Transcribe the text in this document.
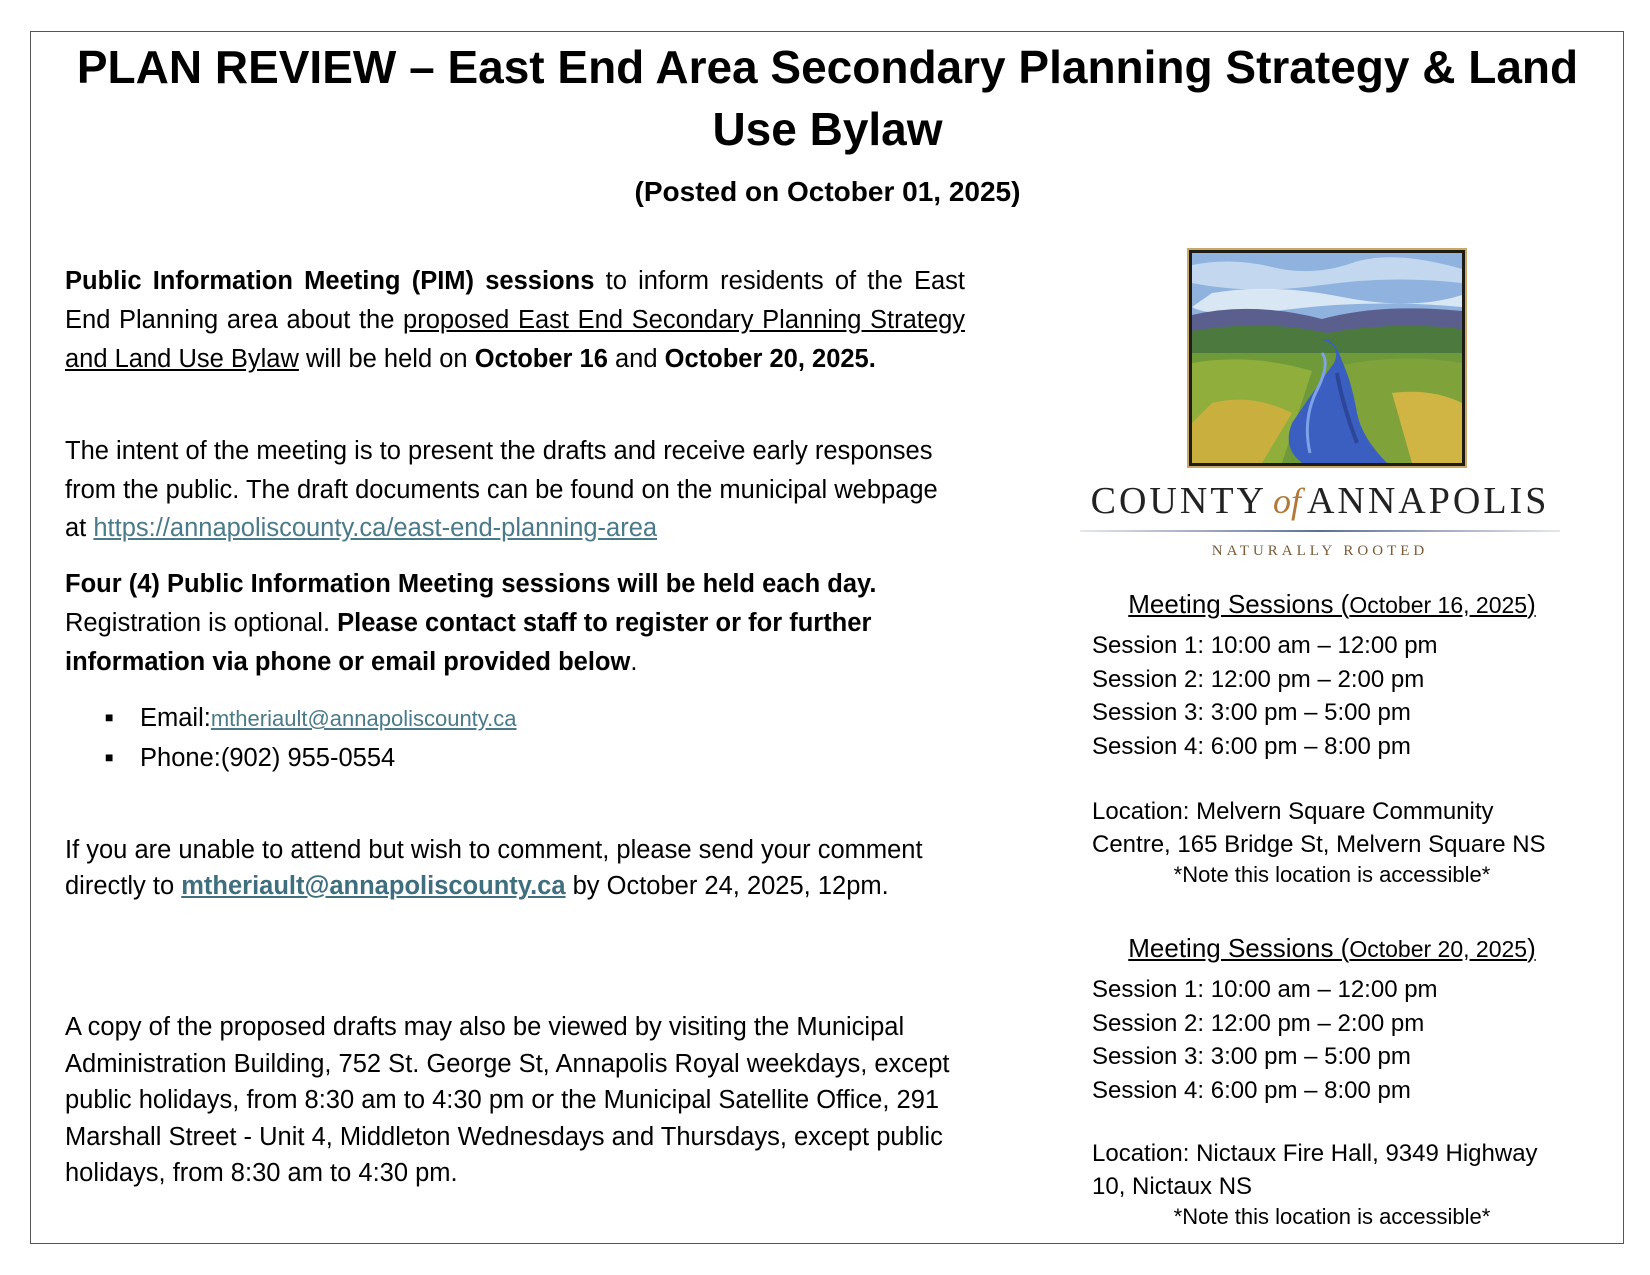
PLAN REVIEW – East End Area Secondary Planning Strategy & Land Use Bylaw

(Posted on October 01, 2025)

Public Information Meeting (PIM) sessions to inform residents of the East End Planning area about the proposed East End Secondary Planning Strategy and Land Use Bylaw will be held on October 16 and October 20, 2025.
The intent of the meeting is to present the drafts and receive early responses from the public. The draft documents can be found on the municipal webpage at https://annapoliscounty.ca/east-end-planning-area
Four (4) Public Information Meeting sessions will be held each day. Registration is optional. Please contact staff to register or for further information via phone or email provided below.
■	Email: mtheriault@annapoliscounty.ca
■	Phone: (902) 955-0554
If you are unable to attend but wish to comment, please send your comment directly to mtheriault@annapoliscounty.ca by October 24, 2025, 12pm.
A copy of the proposed drafts may also be viewed by visiting the Municipal Administration Building, 752 St. George St, Annapolis Royal weekdays, except public holidays, from 8:30 am to 4:30 pm or the Municipal Satellite Office, 291 Marshall Street - Unit 4, Middleton Wednesdays and Thursdays, except public holidays, from 8:30 am to 4:30 pm.
COUNTY of ANNAPOLIS
NATURALLY ROOTED

Meeting Sessions (October 16, 2025)

Session 1: 10:00 am – 12:00 pm
Session 2: 12:00 pm – 2:00 pm
Session 3: 3:00 pm – 5:00 pm
Session 4: 6:00 pm – 8:00 pm
Location: Melvern Square Community Centre, 165 Bridge St, Melvern Square NS
*Note this location is accessible*

Meeting Sessions (October 20, 2025)

Session 1: 10:00 am – 12:00 pm
Session 2: 12:00 pm – 2:00 pm
Session 3: 3:00 pm – 5:00 pm
Session 4: 6:00 pm – 8:00 pm
Location: Nictaux Fire Hall, 9349 Highway 10, Nictaux NS
*Note this location is accessible*
